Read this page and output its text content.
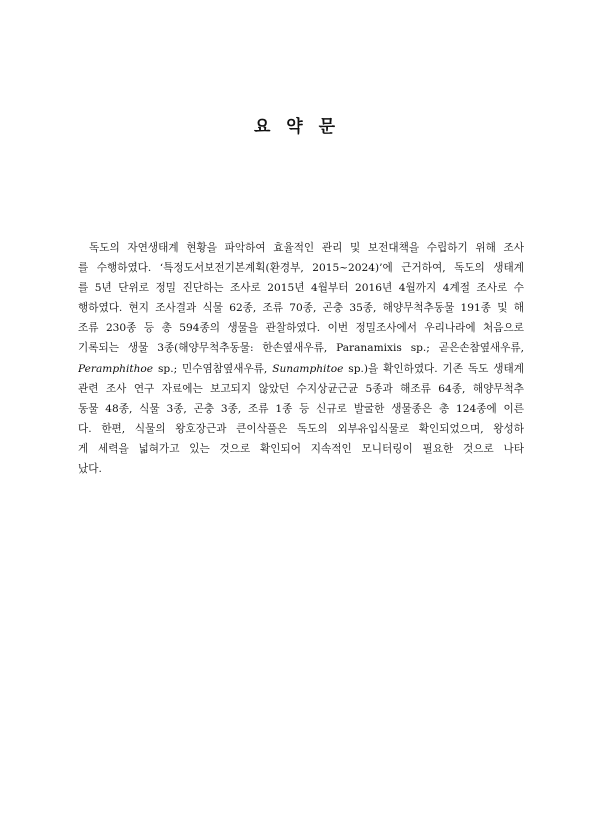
요 약 문
독도의 자연생태계 현황을 파악하여 효율적인 관리 및 보전대책을 수립하기 위해 조사
를 수행하였다. ‘특정도서보전기본계획(환경부, 2015~2024)’에 근거하여, 독도의 생태계
를 5년 단위로 정밀 진단하는 조사로 2015년 4월부터 2016년 4월까지 4계절 조사로 수
행하였다. 현지 조사결과 식물 62종, 조류 70종, 곤충 35종, 해양무척추동물 191종 및 해
조류 230종 등 총 594종의 생물을 관찰하였다. 이번 정밀조사에서 우리나라에 처음으로
기록되는 생물 3종(해양무척추동물: 한손옆새우류, Paranamixis sp.; 곧은손참옆새우류,
Peramphithoe sp.; 민수염참옆새우류, Sunamphitoe sp.)을 확인하였다. 기존 독도 생태계
관련 조사 연구 자료에는 보고되지 않았던 수지상균근균 5종과 해조류 64종, 해양무척추
동물 48종, 식물 3종, 곤충 3종, 조류 1종 등 신규로 발굴한 생물종은 총 124종에 이른
다. 한편, 식물의 왕호장근과 큰이삭풀은 독도의 외부유입식물로 확인되었으며, 왕성하
게 세력을 넓혀가고 있는 것으로 확인되어 지속적인 모니터링이 필요한 것으로 나타
났다.
